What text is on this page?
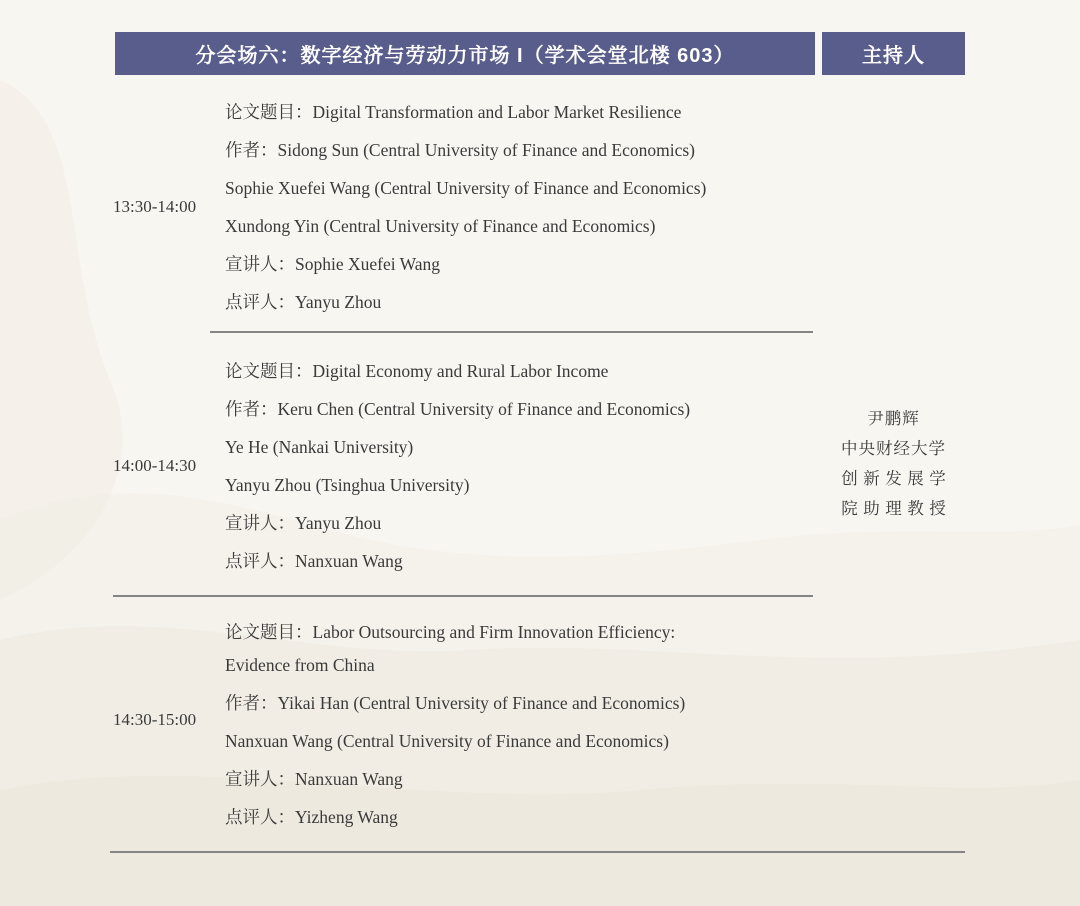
分会场六：数字经济与劳动力市场 I（学术会堂北楼 603）	主持人
13:30-14:00
14:00-14:30
14:30-15:00

论文题目：Digital Transformation and Labor Market Resilience

作者：Sidong Sun (Central University of Finance and Economics)

Sophie Xuefei Wang (Central University of Finance and Economics)

Xundong Yin (Central University of Finance and Economics)

宣讲人：Sophie Xuefei Wang

点评人：Yanyu Zhou

论文题目：Digital Economy and Rural Labor Income

作者：Keru Chen (Central University of Finance and Economics)

Ye He (Nankai University)

Yanyu Zhou (Tsinghua University)

宣讲人：Yanyu Zhou

点评人：Nanxuan Wang

论文题目：Labor Outsourcing and Firm Innovation Efficiency:

Evidence from China

作者：Yikai Han (Central University of Finance and Economics)

Nanxuan Wang (Central University of Finance and Economics)

宣讲人：Nanxuan Wang

点评人：Yizheng Wang

尹鹏辉

中央财经大学

创新发展学

院助理教授
